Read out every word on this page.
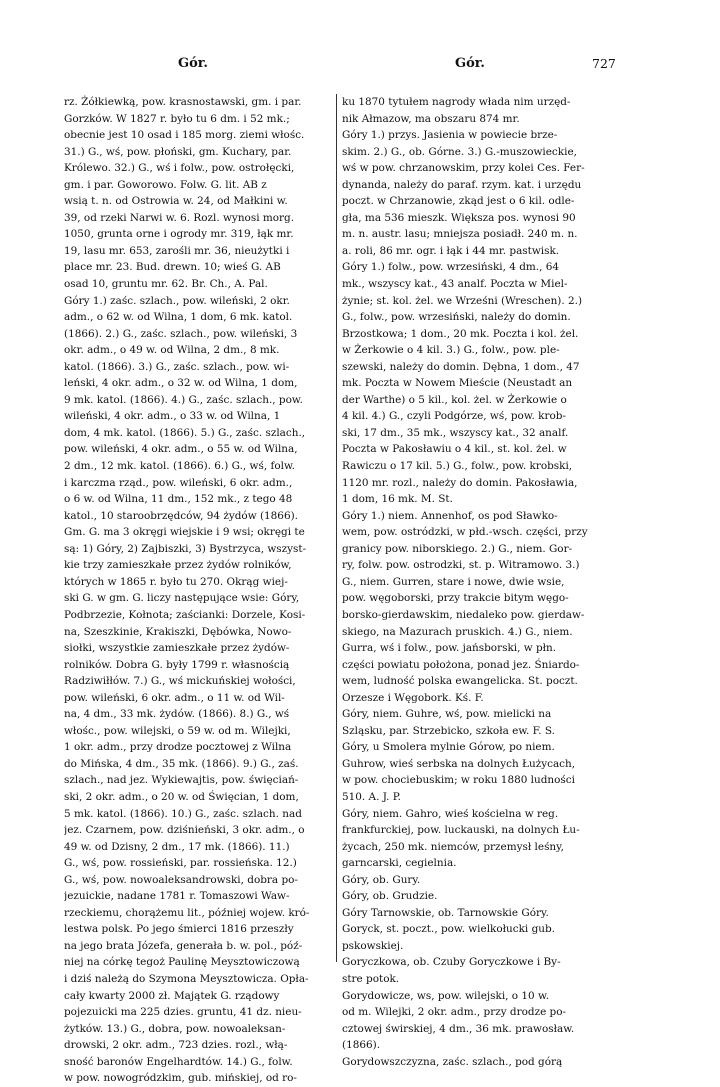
Gór.	Gór.	727
rz. Żółkiewką, pow. krasnostawski, gm. i par.
Gorzków. W 1827 r. było tu 6 dm. i 52 mk.;
obecnie jest 10 osad i 185 morg. ziemi włośc.
31.) G., wś, pow. płoński, gm. Kuchary, par.
Królewo. 32.) G., wś i folw., pow. ostrołęcki,
gm. i par. Goworowo. Folw. G. lit. AB z
wsią t. n. od Ostrowia w. 24, od Małkini w.
39, od rzeki Narwi w. 6. Rozl. wynosi morg.
1050, grunta orne i ogrody mr. 319, łąk mr.
19, lasu mr. 653, zarośli mr. 36, nieużytki i
place mr. 23. Bud. drewn. 10; wieś G. AB
osad 10, gruntu mr. 62. Br. Ch., A. Pal.
Góry 1.) zaśc. szlach., pow. wileński, 2 okr.
adm., o 62 w. od Wilna, 1 dom, 6 mk. katol.
(1866). 2.) G., zaśc. szlach., pow. wileński, 3
okr. adm., o 49 w. od Wilna, 2 dm., 8 mk.
katol. (1866). 3.) G., zaśc. szlach., pow. wi-
leński, 4 okr. adm., o 32 w. od Wilna, 1 dom,
9 mk. katol. (1866). 4.) G., zaśc. szlach., pow.
wileński, 4 okr. adm., o 33 w. od Wilna, 1
dom, 4 mk. katol. (1866). 5.) G., zaśc. szlach.,
pow. wileński, 4 okr. adm., o 55 w. od Wilna,
2 dm., 12 mk. katol. (1866). 6.) G., wś, folw.
i karczma rząd., pow. wileński, 6 okr. adm.,
o 6 w. od Wilna, 11 dm., 152 mk., z tego 48
katol., 10 staroobrzędców, 94 żydów (1866).
Gm. G. ma 3 okręgi wiejskie i 9 wsi; okręgi te
są: 1) Góry, 2) Zajbiszki, 3) Bystrzyca, wszyst-
kie trzy zamieszkałe przez żydów rolników,
których w 1865 r. było tu 270. Okrąg wiej-
ski G. w gm. G. liczy następujące wsie: Góry,
Podbrzezie, Kołnota; zaścianki: Dorzele, Kosi-
na, Szeszkinie, Krakiszki, Dębówka, Nowo-
siołki, wszystkie zamieszkałe przez żydów-
rolników. Dobra G. były 1799 r. własnością
Radziwiłłów. 7.) G., wś mickuńskiej wołości,
pow. wileński, 6 okr. adm., o 11 w. od Wil-
na, 4 dm., 33 mk. żydów. (1866). 8.) G., wś
włośc., pow. wilejski, o 59 w. od m. Wilejki,
1 okr. adm., przy drodze pocztowej z Wilna
do Mińska, 4 dm., 35 mk. (1866). 9.) G., zaś.
szlach., nad jez. Wykiewajtis, pow. święciań-
ski, 2 okr. adm., o 20 w. od Święcian, 1 dom,
5 mk. katol. (1866). 10.) G., zaśc. szlach. nad
jez. Czarnem, pow. dziśnieński, 3 okr. adm., o
49 w. od Dzisny, 2 dm., 17 mk. (1866). 11.)
G., wś, pow. rossieński, par. rossieńska. 12.)
G., wś, pow. nowoaleksandrowski, dobra po-
jezuickie, nadane 1781 r. Tomaszowi Waw-
rzeckiemu, chorążemu lit., później wojew. kró-
lestwa polsk. Po jego śmierci 1816 przeszły
na jego brata Józefa, generała b. w. pol., póź-
niej na córkę tegoż Paulinę Meysztowiczową
i dziś należą do Szymona Meysztowicza. Opła-
cały kwarty 2000 zł. Majątek G. rządowy
pojezuicki ma 225 dzies. gruntu, 41 dz. nieu-
żytków. 13.) G., dobra, pow. nowoaleksan-
drowski, 2 okr. adm., 723 dzies. rozl., włą-
sność baronów Engelhardtów. 14.) G., folw.
w pow. nowogródzkim, gub. mińskiej, od ro-
ku 1870 tytułem nagrody włada nim urzęd-
nik Ałmazow, ma obszaru 874 mr.
Góry 1.) przys. Jasienia w powiecie brze-
skim. 2.) G., ob. Górne. 3.) G.-muszowieckie,
wś w pow. chrzanowskim, przy kolei Ces. Fer-
dynanda, należy do paraf. rzym. kat. i urzędu
poczt. w Chrzanowie, zkąd jest o 6 kil. odle-
gła, ma 536 mieszk. Większa pos. wynosi 90
m. n. austr. lasu; mniejsza posiadł. 240 m. n.
a. roli, 86 mr. ogr. i łąk i 44 mr. pastwisk.
Góry 1.) folw., pow. wrzesiński, 4 dm., 64
mk., wszyscy kat., 43 analf. Poczta w Miel-
żynie; st. kol. żel. we Wrześni (Wreschen). 2.)
G., folw., pow. wrzesiński, należy do domin.
Brzostkowa; 1 dom., 20 mk. Poczta i kol. żel.
w Żerkowie o 4 kil. 3.) G., folw., pow. ple-
szewski, należy do domin. Dębna, 1 dom., 47
mk. Poczta w Nowem Mieście (Neustadt an
der Warthe) o 5 kil., kol. żel. w Żerkowie o
4 kil. 4.) G., czyli Podgórze, wś, pow. krob-
ski, 17 dm., 35 mk., wszyscy kat., 32 analf.
Poczta w Pakosławiu o 4 kil., st. kol. żel. w
Rawiczu o 17 kil. 5.) G., folw., pow. krobski,
1120 mr. rozl., należy do domin. Pakosławia,
1 dom, 16 mk. M. St.
Góry 1.) niem. Annenhof, os pod Sławko-
wem, pow. ostródzki, w płd.-wsch. części, przy
granicy pow. niborskiego. 2.) G., niem. Gor-
ry, folw. pow. ostrodzki, st. p. Witramowo. 3.)
G., niem. Gurren, stare i nowe, dwie wsie,
pow. węgoborski, przy trakcie bitym węgo-
borsko-gierdawskim, niedaleko pow. gierdaw-
skiego, na Mazurach pruskich. 4.) G., niem.
Gurra, wś i folw., pow. jańsborski, w płn.
części powiatu położona, ponad jez. Śniardo-
wem, ludność polska ewangelicka. St. poczt.
Orzesze i Węgobork. Kś. F.
Góry, niem. Guhre, wś, pow. mielicki na
Szląsku, par. Strzebicko, szkoła ew. F. S.
Góry, u Smolera mylnie Górow, po niem.
Guhrow, wieś serbska na dolnych Łużycach,
w pow. chociebuskim; w roku 1880 ludności
510. A. J. P.
Góry, niem. Gahro, wieś kościelna w reg.
frankfurckiej, pow. luckauski, na dolnych Łu-
życach, 250 mk. niemców, przemysł leśny,
garncarski, cegielnia.
Góry, ob. Gury.
Góry, ob. Grudzie.
Góry Tarnowskie, ob. Tarnowskie Góry.
Goryck, st. poczt., pow. wielkołucki gub.
pskowskiej.
Goryczkowa, ob. Czuby Goryczkowe i By-
stre potok.
Gorydowicze, ws, pow. wilejski, o 10 w.
od m. Wilejki, 2 okr. adm., przy drodze po-
cztowej świrskiej, 4 dm., 36 mk. prawosław.
(1866).
Gorydowszczyzna, zaśc. szlach., pod górą
